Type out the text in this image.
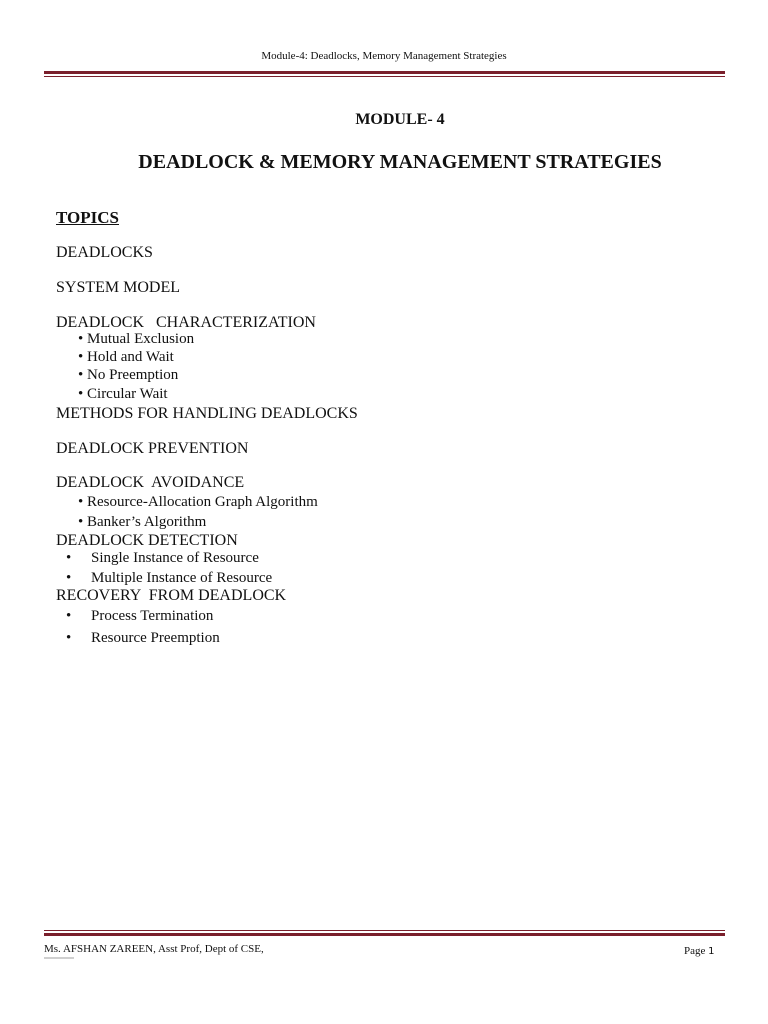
Module-4: Deadlocks, Memory Management Strategies
MODULE- 4
DEADLOCK & MEMORY MANAGEMENT STRATEGIES
TOPICS
DEADLOCKS
SYSTEM MODEL
DEADLOCK   CHARACTERIZATION
• Mutual Exclusion
• Hold and Wait
• No Preemption
• Circular Wait
METHODS FOR HANDLING DEADLOCKS
DEADLOCK PREVENTION
DEADLOCK  AVOIDANCE
• Resource-Allocation Graph Algorithm
• Banker’s Algorithm
DEADLOCK DETECTION
• Single Instance of Resource
• Multiple Instance of Resource
RECOVERY  FROM DEADLOCK
• Process Termination
• Resource Preemption
Ms. AFSHAN ZAREEN, Asst Prof, Dept of CSE,	Page 1
